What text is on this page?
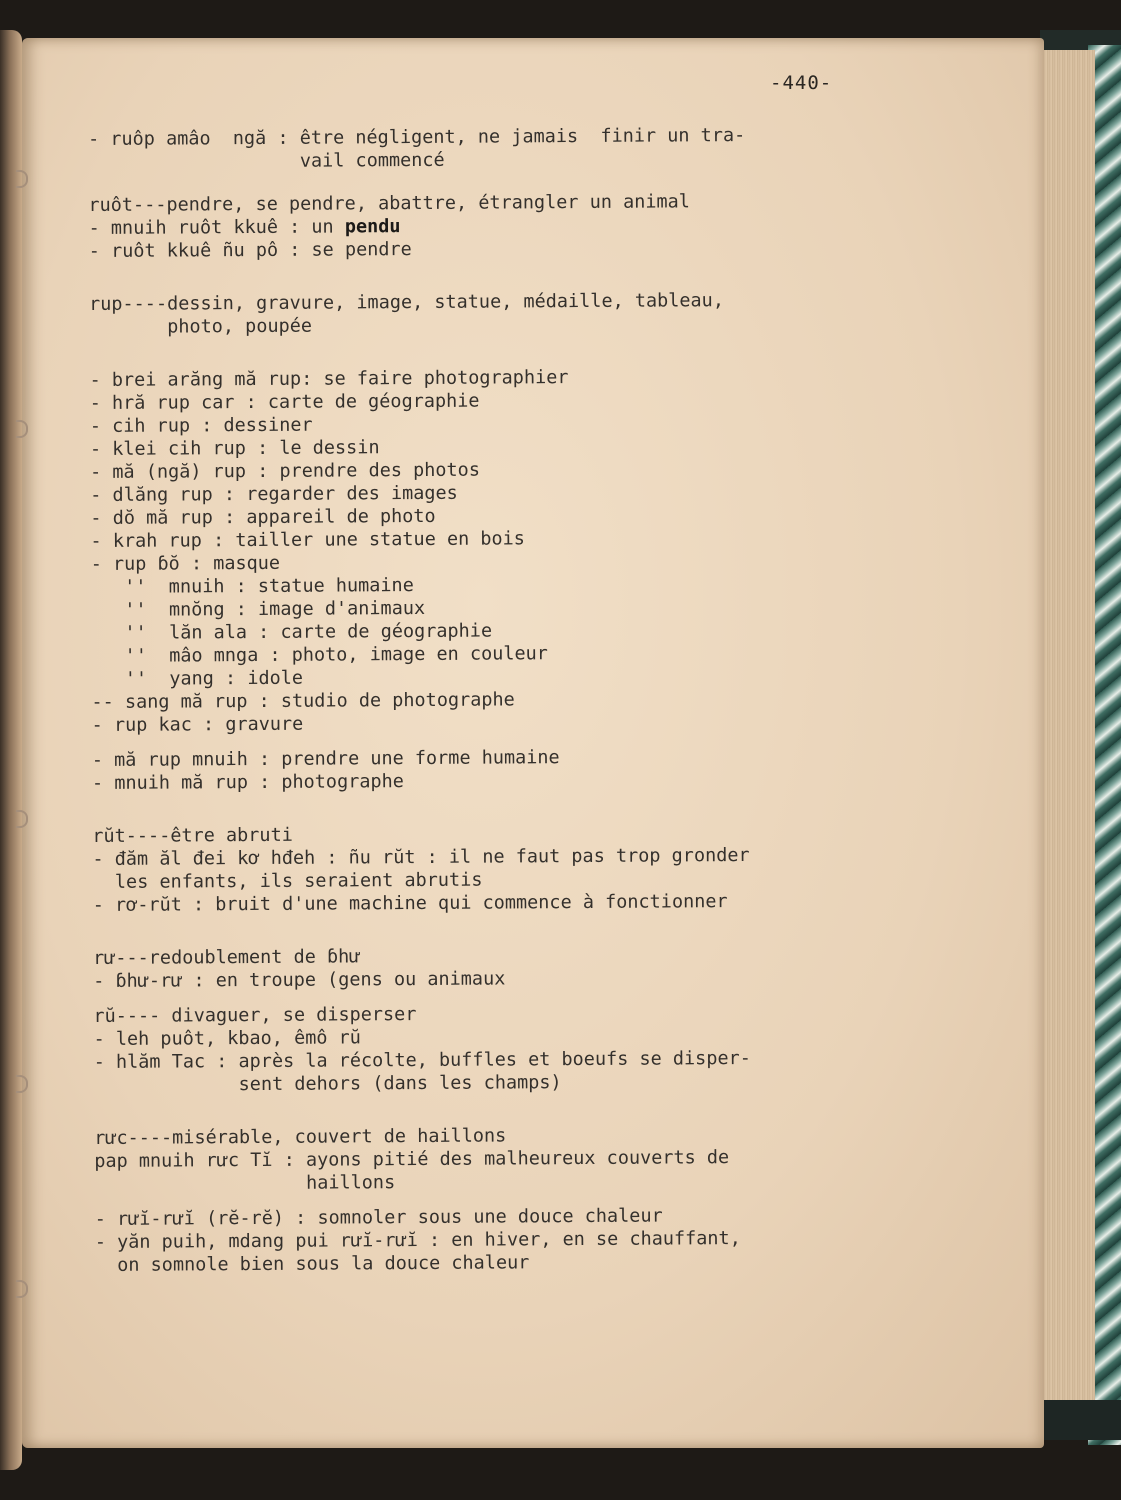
-440-
- ruôp amâo  ngă : être négligent, ne jamais  finir un tra-
vail commencé
ruôt---pendre, se pendre, abattre, étrangler un animal
- mnuih ruôt kkuê : un pendu
- ruôt kkuê ñu pô : se pendre
rup----dessin, gravure, image, statue, médaille, tableau,
photo, poupée
- brei arăng mă rup: se faire photographier
- hră rup car : carte de géographie
- cih rup : dessiner
- klei cih rup : le dessin
- mă (ngă) rup : prendre des photos
- dlăng rup : regarder des images
- dŏ mă rup : appareil de photo
- krah rup : tailler une statue en bois
- rup ɓŏ : masque
''  mnuih : statue humaine
''  mnŏng : image d'animaux
''  lăn ala : carte de géographie
''  mâo mnga : photo, image en couleur
''  yang : idole
-- sang mă rup : studio de photographe
- rup kac : gravure
- mă rup mnuih : prendre une forme humaine
- mnuih mă rup : photographe
rŭt----être abruti
- đăm ăl đei kơ hđeh : ñu rŭt : il ne faut pas trop gronder
les enfants, ils seraient abrutis
- rơ-rŭt : bruit d'une machine qui commence à fonctionner
rư---redoublement de ɓhư
- ɓhư-rư : en troupe (gens ou animaux
rŭ---- divaguer, se disperser
- leh puôt, kbao, êmô rŭ
- hlăm Tac : après la récolte, buffles et boeufs se disper-
sent dehors (dans les champs)
rưc----misérable, couvert de haillons
pap mnuih rưc Tĭ : ayons pitié des malheureux couverts de
haillons
- rưĭ-rưĭ (rĕ-rĕ) : somnoler sous une douce chaleur
- yăn puih, mdang pui rưĭ-rưĭ : en hiver, en se chauffant,
on somnole bien sous la douce chaleur
